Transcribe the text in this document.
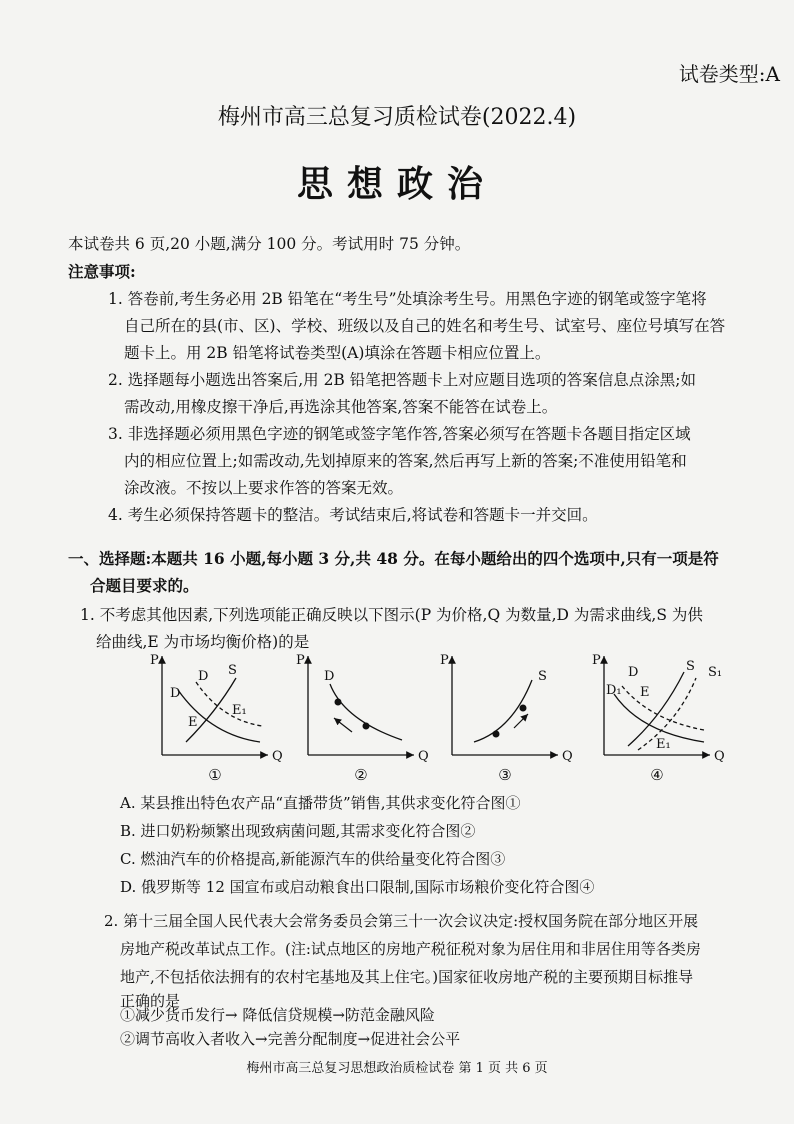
试卷类型:A
梅州市高三总复习质检试卷(2022.4)
思想政治
本试卷共 6 页,20 小题,满分 100 分。考试用时 75 分钟。
注意事项:
1. 答卷前,考生务必用 2B 铅笔在“考生号”处填涂考生号。用黑色字迹的钢笔或签字笔将
自己所在的县(市、区)、学校、班级以及自己的姓名和考生号、试室号、座位号填写在答
题卡上。用 2B 铅笔将试卷类型(A)填涂在答题卡相应位置上。
2. 选择题每小题选出答案后,用 2B 铅笔把答题卡上对应题目选项的答案信息点涂黑;如
需改动,用橡皮擦干净后,再选涂其他答案,答案不能答在试卷上。
3. 非选择题必须用黑色字迹的钢笔或签字笔作答,答案必须写在答题卡各题目指定区域
内的相应位置上;如需改动,先划掉原来的答案,然后再写上新的答案;不准使用铅笔和
涂改液。不按以上要求作答的答案无效。
4. 考生必须保持答题卡的整洁。考试结束后,将试卷和答题卡一并交回。
一、选择题:本题共 16 小题,每小题 3 分,共 48 分。在每小题给出的四个选项中,只有一项是符
合题目要求的。
1. 不考虑其他因素,下列选项能正确反映以下图示(P 为价格,Q 为数量,D 为需求曲线,S 为供
给曲线,E 为市场均衡价格)的是
P
Q
D
D S
E
E₁
①
P
Q
D
②
P
Q
S
③
P
Q
D₁
D	S S₁
E
E₁
④
A. 某县推出特色农产品“直播带货”销售,其供求变化符合图①
B. 进口奶粉频繁出现致病菌问题,其需求变化符合图②
C. 燃油汽车的价格提高,新能源汽车的供给量变化符合图③
D. 俄罗斯等 12 国宣布或启动粮食出口限制,国际市场粮价变化符合图④
2. 第十三届全国人民代表大会常务委员会第三十一次会议决定:授权国务院在部分地区开展
房地产税改革试点工作。(注:试点地区的房地产税征税对象为居住用和非居住用等各类房
地产,不包括依法拥有的农村宅基地及其上住宅。)国家征收房地产税的主要预期目标推导
正确的是
①减少货币发行→ 降低信贷规模→防范金融风险
②调节高收入者收入→完善分配制度→促进社会公平
梅州市高三总复习思想政治质检试卷 第 1 页 共 6 页
